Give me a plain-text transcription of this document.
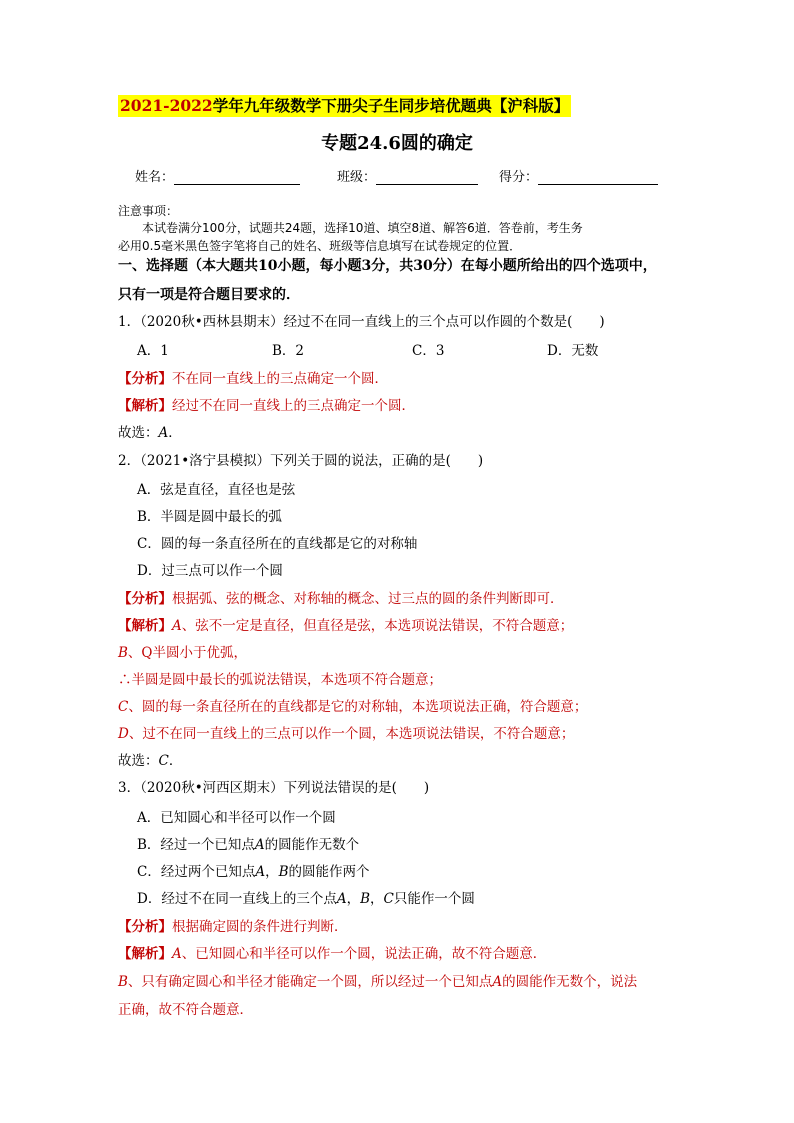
2021-2022学年九年级数学下册尖子生同步培优题典【沪科版】
专题24.6圆的确定
姓名：	班级：	得分：
注意事项：
本试卷满分100分，试题共24题，选择10道、填空8道、解答6道．答卷前，考生务
必用0.5毫米黑色签字笔将自己的姓名、班级等信息填写在试卷规定的位置．
一、选择题（本大题共10小题，每小题3分，共30分）在每小题所给出的四个选项中，
只有一项是符合题目要求的．
1．（2020秋•西林县期末）经过不在同一直线上的三个点可以作圆的个数是(　　)
A．1	B．2	C．3	D．无数
【分析】不在同一直线上的三点确定一个圆．
【解析】经过不在同一直线上的三点确定一个圆．
故选：A．
2．（2021•洛宁县模拟）下列关于圆的说法，正确的是(　　)
A．弦是直径，直径也是弦
B．半圆是圆中最长的弧
C．圆的每一条直径所在的直线都是它的对称轴
D．过三点可以作一个圆
【分析】根据弧、弦的概念、对称轴的概念、过三点的圆的条件判断即可．
【解析】A、弦不一定是直径，但直径是弦，本选项说法错误，不符合题意；
B、Q半圆小于优弧，
∴半圆是圆中最长的弧说法错误，本选项不符合题意；
C、圆的每一条直径所在的直线都是它的对称轴，本选项说法正确，符合题意；
D、过不在同一直线上的三点可以作一个圆，本选项说法错误，不符合题意；
故选：C．
3．（2020秋•河西区期末）下列说法错误的是(　　)
A．已知圆心和半径可以作一个圆
B．经过一个已知点A的圆能作无数个
C．经过两个已知点A，B的圆能作两个
D．经过不在同一直线上的三个点A，B，C只能作一个圆
【分析】根据确定圆的条件进行判断．
【解析】A、已知圆心和半径可以作一个圆，说法正确，故不符合题意．
B、只有确定圆心和半径才能确定一个圆，所以经过一个已知点A的圆能作无数个，说法
正确，故不符合题意．
